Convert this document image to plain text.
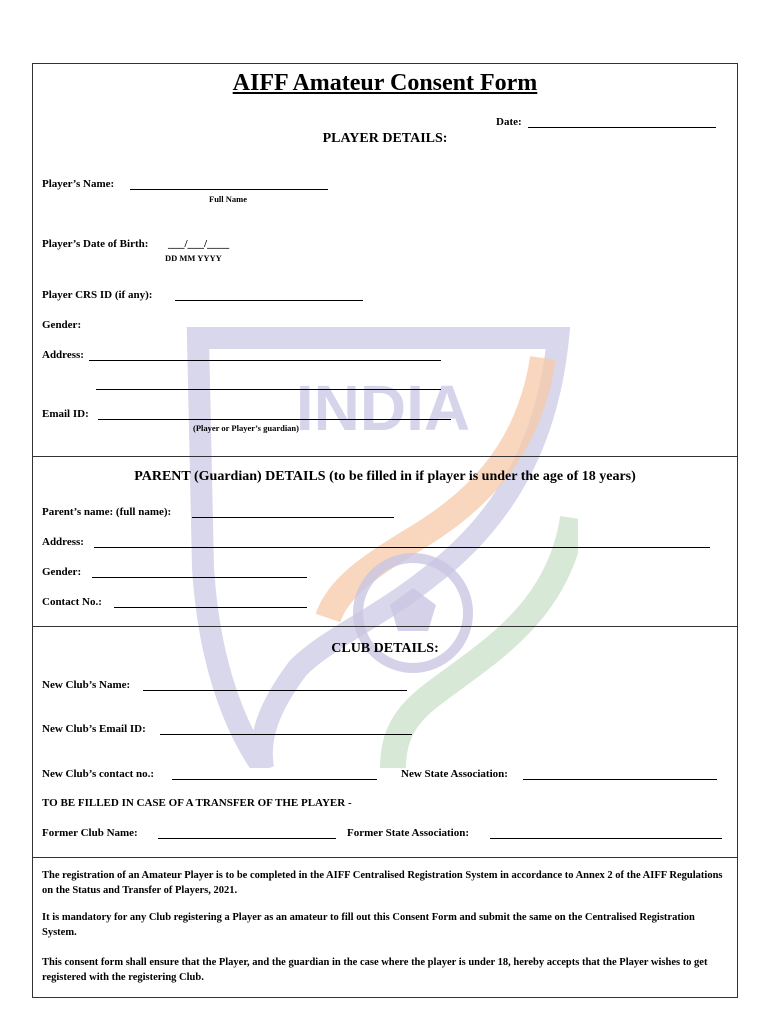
INDIA
AIFF Amateur Consent Form
Date:
PLAYER DETAILS:
Player’s Name:
Full Name
Player’s Date of Birth: ___/___/____
DD MM YYYY
Player CRS ID (if any):
Gender:
Address:
Email ID:
(Player or Player’s guardian)
PARENT (Guardian) DETAILS (to be filled in if player is under the age of 18 years)
Parent’s name: (full name):
Address:
Gender:
Contact No.:
CLUB DETAILS:
New Club’s Name:
New Club’s Email ID:
New Club’s contact no.:	New State Association:
TO BE FILLED IN CASE OF A TRANSFER OF THE PLAYER -
Former Club Name:	Former State Association:
The registration of an Amateur Player is to be completed in the AIFF Centralised Registration System in accordance to Annex 2 of the AIFF Regulations on the Status and Transfer of Players, 2021.
It is mandatory for any Club registering a Player as an amateur to fill out this Consent Form and submit the same on the Centralised Registration System.
This consent form shall ensure that the Player, and the guardian in the case where the player is under 18, hereby accepts that the Player wishes to get registered with the registering Club.
